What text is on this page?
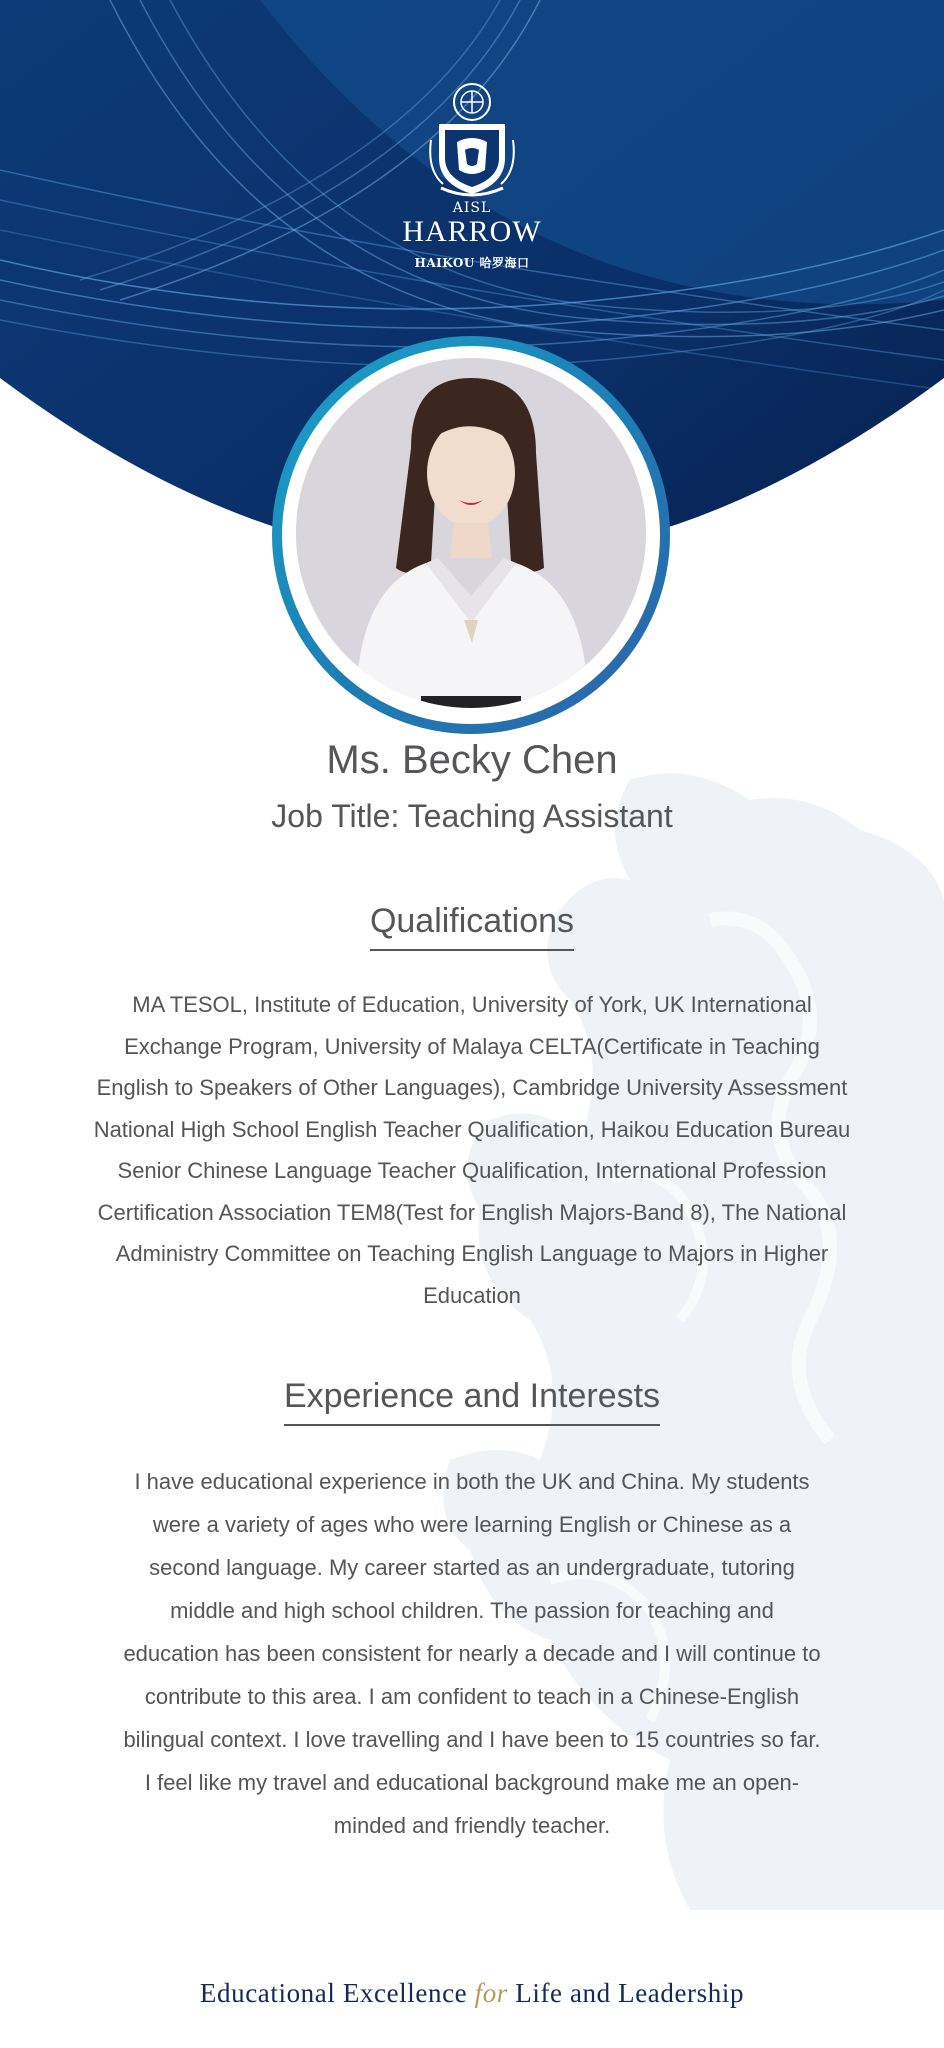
AISL
HARROW
HAIKOU 哈罗海口
Ms. Becky Chen
Job Title: Teaching Assistant
Qualifications
MA TESOL, Institute of Education, University of York, UK International Exchange Program, University of Malaya CELTA(Certificate in Teaching English to Speakers of Other Languages), Cambridge University Assessment National High School English Teacher Qualification, Haikou Education Bureau Senior Chinese Language Teacher Qualification, International Profession Certification Association TEM8(Test for English Majors-Band 8), The National Administry Committee on Teaching English Language to Majors in Higher Education
Experience and Interests
I have educational experience in both the UK and China. My students were a variety of ages who were learning English or Chinese as a second language. My career started as an undergraduate, tutoring middle and high school children. The passion for teaching and education has been consistent for nearly a decade and I will continue to contribute to this area. I am confident to teach in a Chinese-English bilingual context. I love travelling and I have been to 15 countries so far. I feel like my travel and educational background make me an open-minded and friendly teacher.
Educational Excellence for Life and Leadership
